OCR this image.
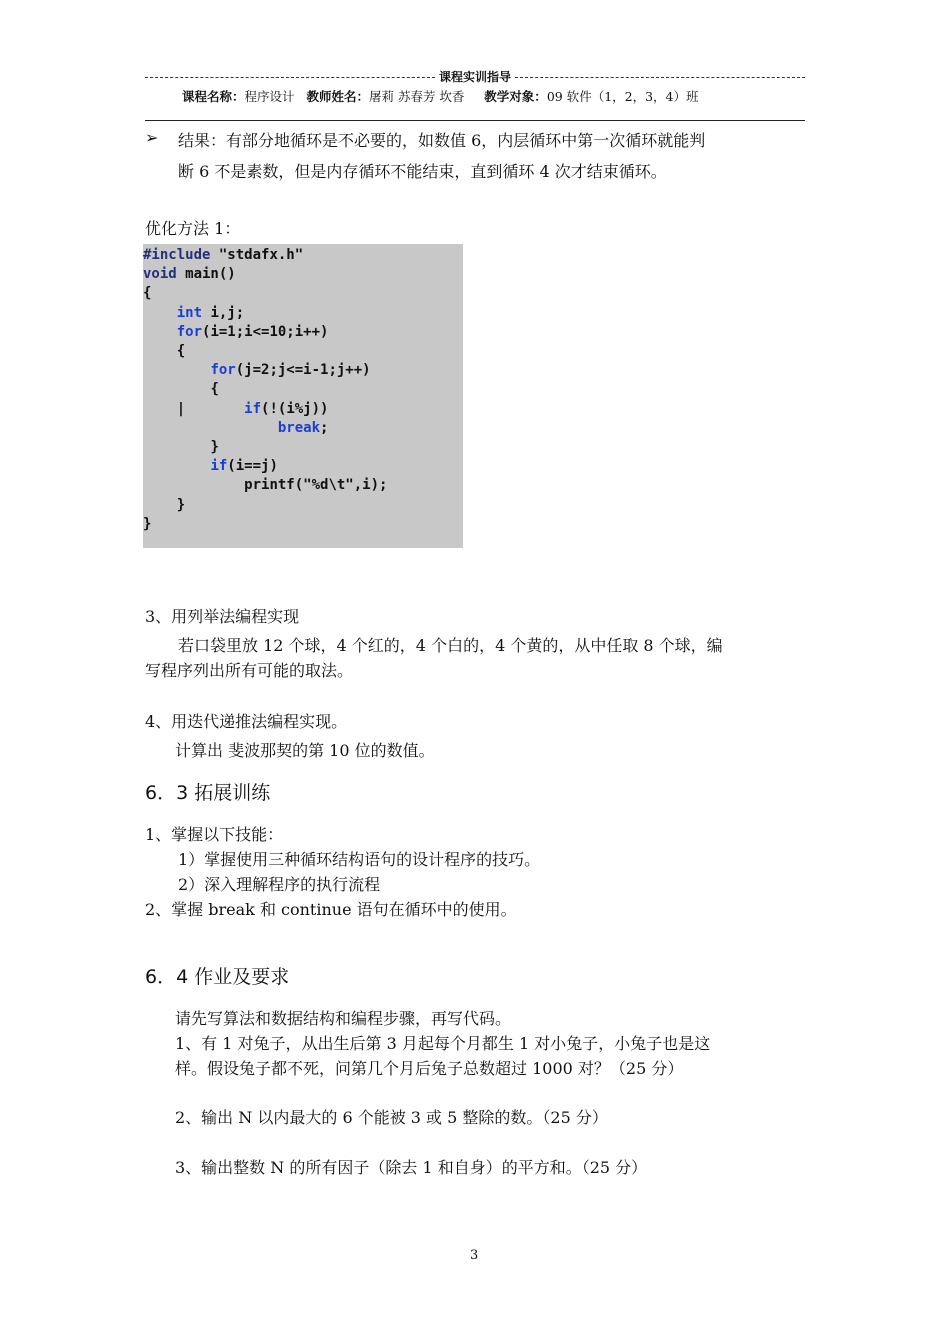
课程实训指导
课程名称：程序设计 教师姓名：屠莉 苏春芳 坎香 教学对象：09 软件（1，2，3，4）班
➢ 结果：有部分地循环是不必要的，如数值 6，内层循环中第一次循环就能判
断 6 不是素数，但是内存循环不能结束，直到循环 4 次才结束循环。
优化方法 1：
#include "stdafx.h"
void main()
{
int i,j;
for(i=1;i<=10;i++)
{
for(j=2;j<=i-1;j++)
{
|	if(!(i%j))
break;
}
if(i==j)
printf("%d\t",i);
}
}
3、用列举法编程实现
若口袋里放 12 个球，4 个红的，4 个白的，4 个黄的，从中任取 8 个球，编
写程序列出所有可能的取法。
4、用迭代递推法编程实现。
计算出 斐波那契的第 10 位的数值。
6．3 拓展训练
1、掌握以下技能：
1）掌握使用三种循环结构语句的设计程序的技巧。
2）深入理解程序的执行流程
2、掌握 break 和 continue 语句在循环中的使用。
6．4 作业及要求
请先写算法和数据结构和编程步骤，再写代码。
1、有 1 对兔子，从出生后第 3 月起每个月都生 1 对小兔子，小兔子也是这
样。假设兔子都不死，问第几个月后兔子总数超过 1000 对？（25 分）
2、输出 N 以内最大的 6 个能被 3 或 5 整除的数。（25 分）
3、输出整数 N 的所有因子（除去 1 和自身）的平方和。（25 分）
3
